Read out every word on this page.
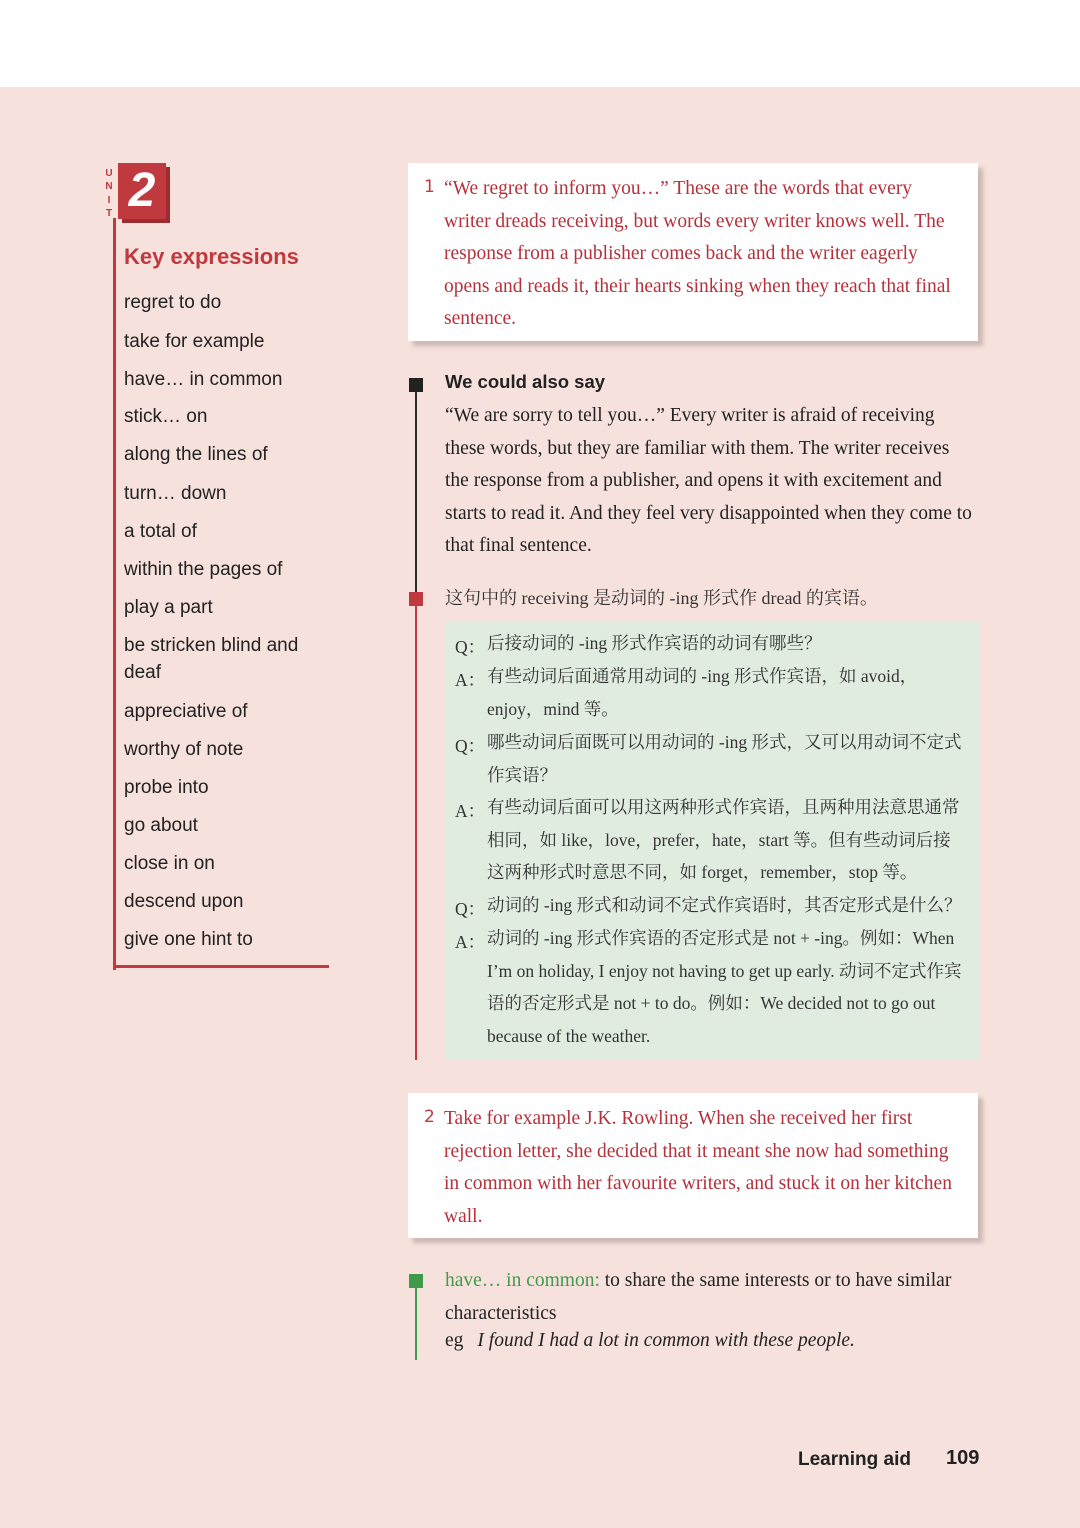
U
N
I
T 2
Key expressions
regret to do
take for example
have… in common
stick… on
along the lines of
turn… down
a total of
within the pages of
play a part
be stricken blind and deaf
appreciative of
worthy of note
probe into
go about
close in on
descend upon
give one hint to
1 “We regret to inform you…” These are the words that every writer dreads receiving, but words every writer knows well. The response from a publisher comes back and the writer eagerly opens and reads it, their hearts sinking when they reach that final sentence.
We could also say
“We are sorry to tell you…” Every writer is afraid of receiving these words, but they are familiar with them. The writer receives the response from a publisher, and opens it with excitement and starts to read it. And they feel very disappointed when they come to that final sentence.
这句中的 receiving 是动词的 -ing 形式作 dread 的宾语。
Q： 后接动词的 -ing 形式作宾语的动词有哪些？
A： 有些动词后面通常用动词的 -ing 形式作宾语，如 avoid，enjoy，mind 等。
Q： 哪些动词后面既可以用动词的 -ing 形式，又可以用动词不定式作宾语？
A： 有些动词后面可以用这两种形式作宾语，且两种用法意思通常相同，如 like，love，prefer，hate，start 等。但有些动词后接这两种形式时意思不同，如 forget，remember，stop 等。
Q： 动词的 -ing 形式和动词不定式作宾语时，其否定形式是什么？
A： 动词的 -ing 形式作宾语的否定形式是 not + -ing。例如：When I’m on holiday, I enjoy not having to get up early. 动词不定式作宾语的否定形式是 not + to do。例如：We decided not to go out because of the weather.
2 Take for example J.K. Rowling. When she received her first rejection letter, she decided that it meant she now had something in common with her favourite writers, and stuck it on her kitchen wall.
have… in common: to share the same interests or to have similar characteristics
eg I found I had a lot in common with these people.
Learning aid 109
